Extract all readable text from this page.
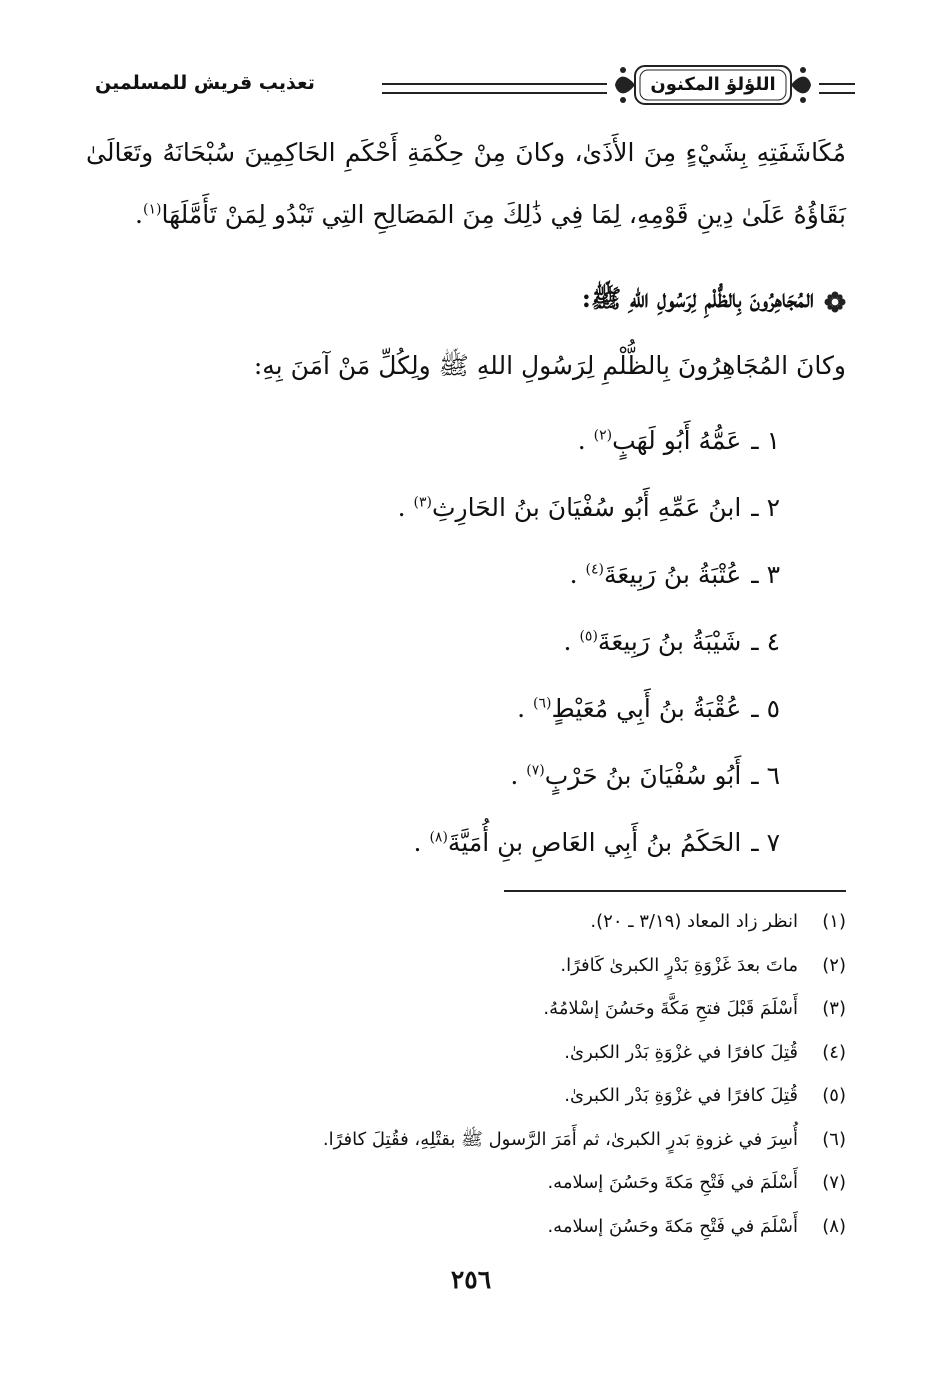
اللؤلؤ المكنون
تعذيب قريش للمسلمين
مُكَاشَفَتِهِ بِشَيْءٍ مِنَ الأَذَىٰ، وكانَ مِنْ حِكْمَةِ أَحْكَمِ الحَاكِمِينَ سُبْحَانَهُ وتَعَالَىٰ بَقَاؤُهُ عَلَىٰ دِينِ قَوْمِهِ، لِمَا فِي ذَٰلِكَ مِنَ المَصَالِحِ التِي تَبْدُو لِمَنْ تَأَمَّلَهَا$^{(١)}$.
المُجَاهِرُونَ بِالظُّلْمِ لِرَسُولِ اللهِ ﷺ:
وكانَ المُجَاهِرُونَ بِالظُّلْمِ لِرَسُولِ اللهِ ﷺ ولِكُلِّ مَنْ آمَنَ بِهِ:
١ ـ
عَمُّهُ أَبُو لَهَبٍ$^{(٢)}$ .
٢ ـ
ابنُ عَمِّهِ أَبُو سُفْيَانَ بنُ الحَارِثِ$^{(٣)}$ .
٣ ـ
عُتْبَةُ بنُ رَبِيعَةَ$^{(٤)}$ .
٤ ـ
شَيْبَةُ بنُ رَبِيعَةَ$^{(٥)}$ .
٥ ـ
عُقْبَةُ بنُ أَبِي مُعَيْطٍ$^{(٦)}$ .
٦ ـ
أَبُو سُفْيَانَ بنُ حَرْبٍ$^{(٧)}$ .
٧ ـ
الحَكَمُ بنُ أَبِي العَاصِ بنِ أُمَيَّةَ$^{(٨)}$ .
(١)
انظر زاد المعاد (٣/١٩ ـ ٢٠).
(٢)
ماتَ بعدَ غَزْوَةِ بَدْرٍ الكبرىٰ كَافرًا.
(٣)
أَسْلَمَ قَبْلَ فتحِ مَكَّةَ وحَسُنَ إسْلامُهُ.
(٤)
قُتِلَ كافرًا في غزْوَةِ بَدْر الكبرىٰ.
(٥)
قُتِلَ كافرًا في غزْوَةِ بَدْر الكبرىٰ.
(٦)
أُسِرَ في غزوةِ بَدرٍ الكبرىٰ، ثم أَمَرَ الرَّسول ﷺ بقتْلِهِ، فقُتِلَ كافرًا.
(٧)
أَسْلَمَ في فَتْحِ مَكةَ وحَسُنَ إسلامه.
(٨)
أَسْلَمَ في فَتْحِ مَكةَ وحَسُنَ إسلامه.
٢٥٦
